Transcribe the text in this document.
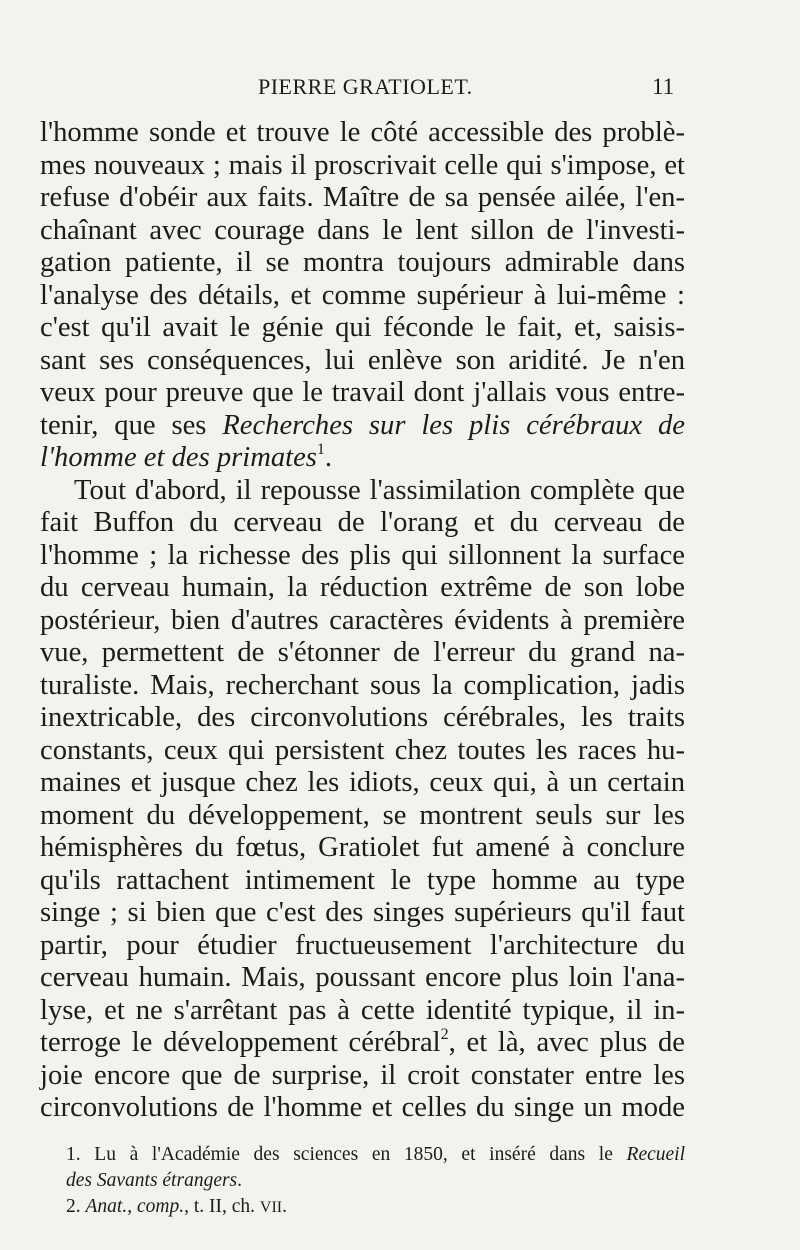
PIERRE GRATIOLET.	11
l'homme sonde et trouve le côté accessible des problè-
mes nouveaux ; mais il proscrivait celle qui s'impose, et
refuse d'obéir aux faits. Maître de sa pensée ailée, l'en-
chaînant avec courage dans le lent sillon de l'investi-
gation patiente, il se montra toujours admirable dans
l'analyse des détails, et comme supérieur à lui-même :
c'est qu'il avait le génie qui féconde le fait, et, saisis-
sant ses conséquences, lui enlève son aridité. Je n'en
veux pour preuve que le travail dont j'allais vous entre-
tenir, que ses Recherches sur les plis cérébraux de
l'homme et des primates$^1$.
Tout d'abord, il repousse l'assimilation complète que
fait Buffon du cerveau de l'orang et du cerveau de
l'homme ; la richesse des plis qui sillonnent la surface
du cerveau humain, la réduction extrême de son lobe
postérieur, bien d'autres caractères évidents à première
vue, permettent de s'étonner de l'erreur du grand na-
turaliste. Mais, recherchant sous la complication, jadis
inextricable, des circonvolutions cérébrales, les traits
constants, ceux qui persistent chez toutes les races hu-
maines et jusque chez les idiots, ceux qui, à un certain
moment du développement, se montrent seuls sur les
hémisphères du fœtus, Gratiolet fut amené à conclure
qu'ils rattachent intimement le type homme au type
singe ; si bien que c'est des singes supérieurs qu'il faut
partir, pour étudier fructueusement l'architecture du
cerveau humain. Mais, poussant encore plus loin l'ana-
lyse, et ne s'arrêtant pas à cette identité typique, il in-
terroge le développement cérébral$^2$, et là, avec plus de
joie encore que de surprise, il croit constater entre les
circonvolutions de l'homme et celles du singe un mode
1. Lu à l'Académie des sciences en 1850, et inséré dans le Recueil
des Savants étrangers.
2. Anat., comp., t. II, ch. VII.
